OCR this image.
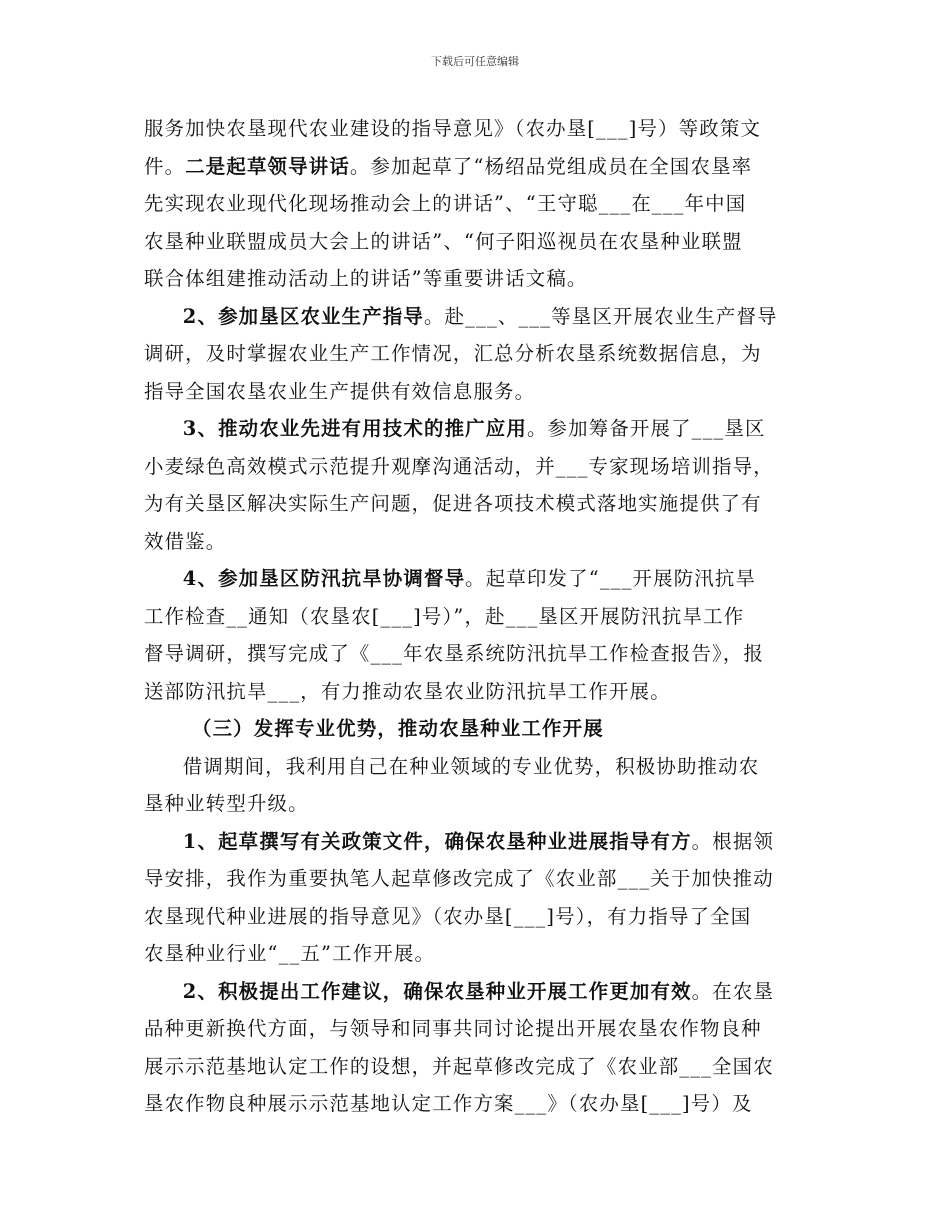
下载后可任意编辑

服务加快农垦现代农业建设的指导意见》（农办垦[___]号）等政策文
件。二是起草领导讲话。参加起草了“杨绍品党组成员在全国农垦率
先实现农业现代化现场推动会上的讲话”、“王守聪___在___年中国
农垦种业联盟成员大会上的讲话”、“何子阳巡视员在农垦种业联盟
联合体组建推动活动上的讲话”等重要讲话文稿。

2、参加垦区农业生产指导。赴___、___等垦区开展农业生产督导
调研，及时掌握农业生产工作情况，汇总分析农垦系统数据信息，为
指导全国农垦农业生产提供有效信息服务。

3、推动农业先进有用技术的推广应用。参加筹备开展了___垦区
小麦绿色高效模式示范提升观摩沟通活动，并___专家现场培训指导，
为有关垦区解决实际生产问题，促进各项技术模式落地实施提供了有
效借鉴。

4、参加垦区防汛抗旱协调督导。起草印发了“___开展防汛抗旱
工作检查__通知（农垦农[___]号）”，赴___垦区开展防汛抗旱工作
督导调研，撰写完成了《___年农垦系统防汛抗旱工作检查报告》，报
送部防汛抗旱___，有力推动农垦农业防汛抗旱工作开展。

（三）发挥专业优势，推动农垦种业工作开展

借调期间，我利用自己在种业领域的专业优势，积极协助推动农
垦种业转型升级。

1、起草撰写有关政策文件，确保农垦种业进展指导有方。根据领
导安排，我作为重要执笔人起草修改完成了《农业部___关于加快推动
农垦现代种业进展的指导意见》（农办垦[___]号），有力指导了全国
农垦种业行业“__五”工作开展。

2、积极提出工作建议，确保农垦种业开展工作更加有效。在农垦
品种更新换代方面，与领导和同事共同讨论提出开展农垦农作物良种
展示示范基地认定工作的设想，并起草修改完成了《农业部___全国农
垦农作物良种展示示范基地认定工作方案___》（农办垦[___]号）及
